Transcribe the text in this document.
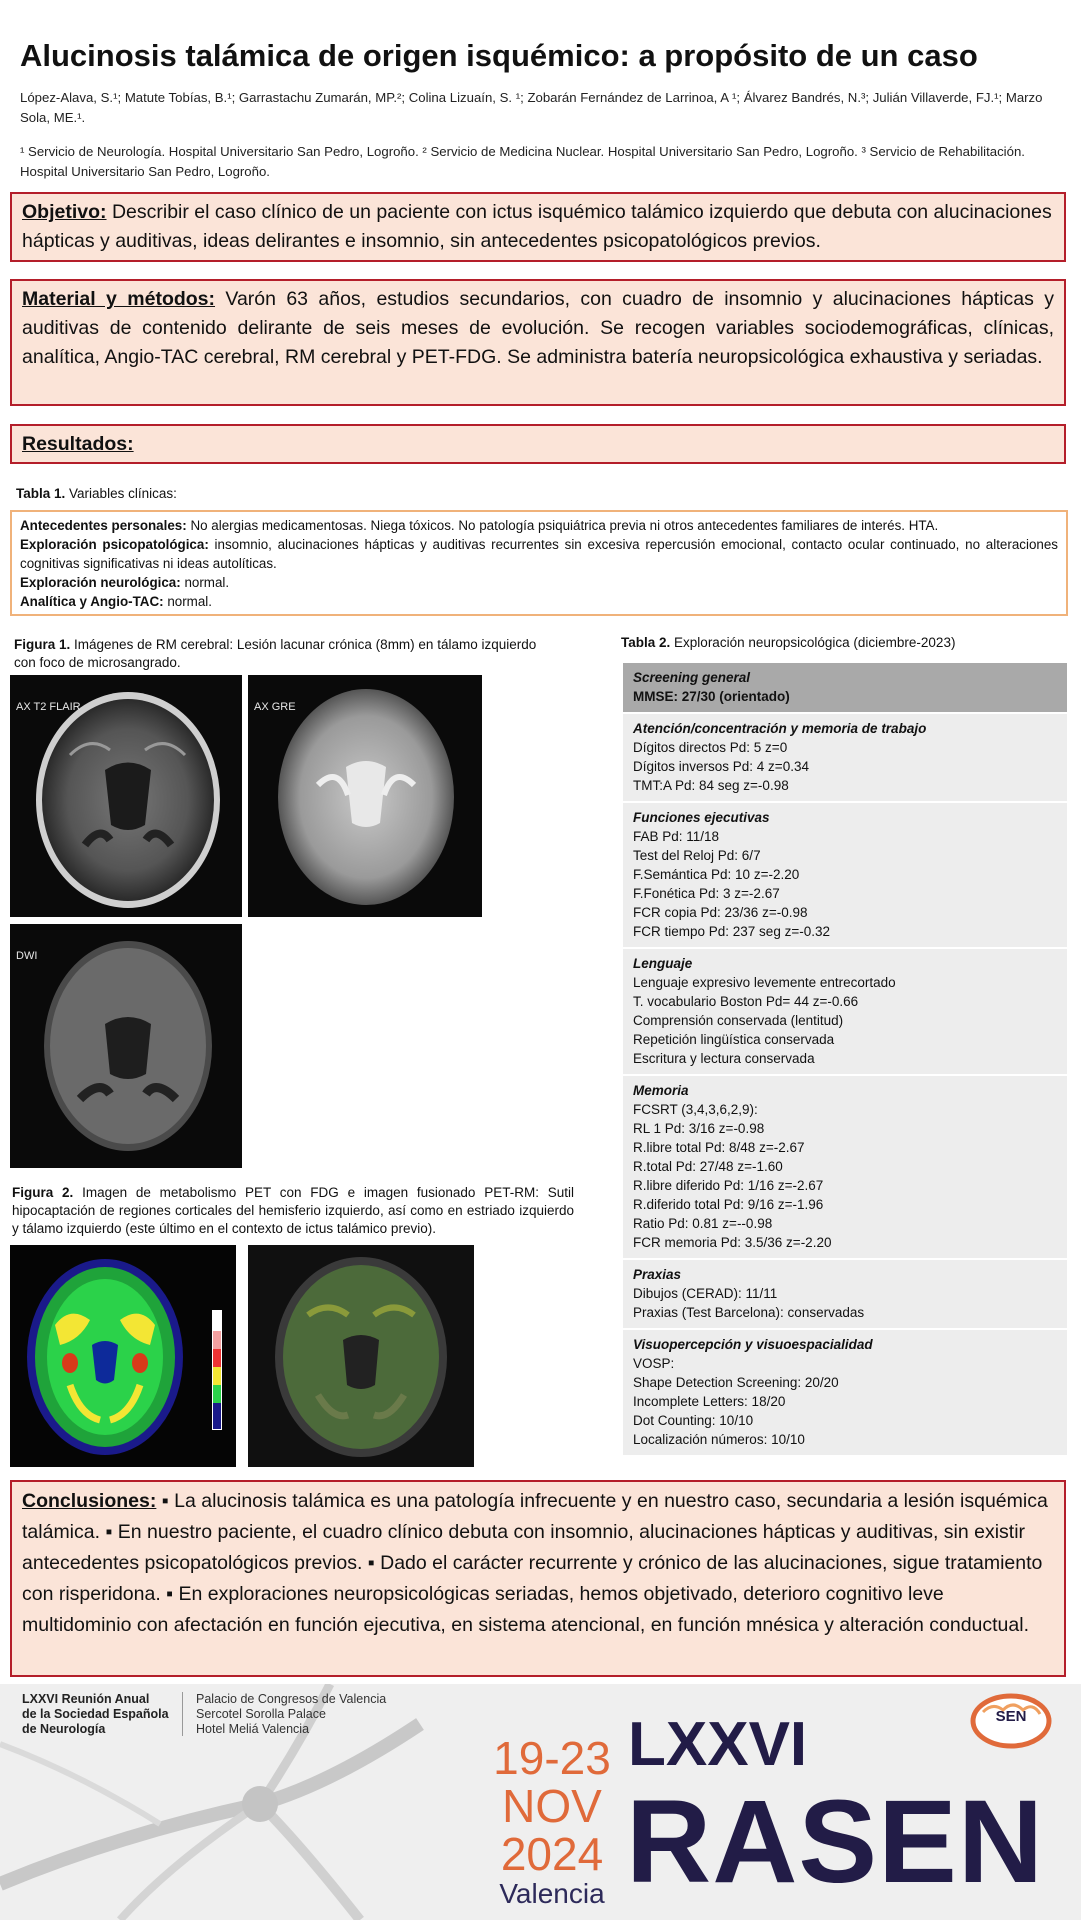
Alucinosis talámica de origen isquémico: a propósito de un caso
López-Alava, S.¹; Matute Tobías, B.¹; Garrastachu Zumarán, MP.²; Colina Lizuaín, S. ¹; Zobarán Fernández de Larrinoa, A ¹; Álvarez Bandrés, N.³; Julián Villaverde, FJ.¹; Marzo Sola, ME.¹.
¹ Servicio de Neurología. Hospital Universitario San Pedro, Logroño. ² Servicio de Medicina Nuclear. Hospital Universitario San Pedro, Logroño. ³ Servicio de Rehabilitación. Hospital Universitario San Pedro, Logroño.
Objetivo: Describir el caso clínico de un paciente con ictus isquémico talámico izquierdo que debuta con alucinaciones hápticas y auditivas, ideas delirantes e insomnio, sin antecedentes psicopatológicos previos.
Material y métodos: Varón 63 años, estudios secundarios, con cuadro de insomnio y alucinaciones hápticas y auditivas de contenido delirante de seis meses de evolución. Se recogen variables sociodemográficas, clínicas, analítica, Angio-TAC cerebral, RM cerebral y PET-FDG. Se administra batería neuropsicológica exhaustiva y seriadas.
Resultados:
Tabla 1. Variables clínicas:
Antecedentes personales: No alergias medicamentosas. Niega tóxicos. No patología psiquiátrica previa ni otros antecedentes familiares de interés. HTA.
Exploración psicopatológica: insomnio, alucinaciones hápticas y auditivas recurrentes sin excesiva repercusión emocional, contacto ocular continuado, no alteraciones cognitivas significativas ni ideas autolíticas.
Exploración neurológica: normal.
Analítica y Angio-TAC: normal.
Figura 1. Imágenes de RM cerebral: Lesión lacunar crónica (8mm) en tálamo izquierdo con foco de microsangrado.
AX T2 FLAIR	AX GRE
DWI
Figura 2. Imagen de metabolismo PET con FDG e imagen fusionado PET-RM: Sutil hipocaptación de regiones corticales del hemisferio izquierdo, así como en estriado izquierdo y tálamo izquierdo (este último en el contexto de ictus talámico previo).
Tabla 2. Exploración neuropsicológica (diciembre-2023)
Screening general
MMSE: 27/30 (orientado)
Atención/concentración y memoria de trabajo
Dígitos directos Pd: 5 z=0
Dígitos inversos Pd: 4 z=0.34
TMT:A Pd: 84 seg z=-0.98
Funciones ejecutivas
FAB Pd: 11/18
Test del Reloj Pd: 6/7
F.Semántica Pd: 10 z=-2.20
F.Fonética Pd: 3 z=-2.67
FCR copia Pd: 23/36 z=-0.98
FCR tiempo Pd: 237 seg z=-0.32
Lenguaje
Lenguaje expresivo levemente entrecortado
T. vocabulario Boston Pd= 44 z=-0.66
Comprensión conservada (lentitud)
Repetición lingüística conservada
Escritura y lectura conservada
Memoria
FCSRT (3,4,3,6,2,9):
RL 1 Pd: 3/16 z=-0.98
R.libre total Pd: 8/48 z=-2.67
R.total Pd: 27/48 z=-1.60
R.libre diferido Pd: 1/16 z=-2.67
R.diferido total Pd: 9/16 z=-1.96
Ratio Pd: 0.81 z=--0.98
FCR memoria Pd: 3.5/36 z=-2.20
Praxias
Dibujos (CERAD): 11/11
Praxias (Test Barcelona): conservadas
Visuopercepción y visuoespacialidad
VOSP:
Shape Detection Screening: 20/20
Incomplete Letters: 18/20
Dot Counting: 10/10
Localización números: 10/10
Conclusiones: ▪ La alucinosis talámica es una patología infrecuente y en nuestro caso, secundaria a lesión isquémica talámica. ▪ En nuestro paciente, el cuadro clínico debuta con insomnio, alucinaciones hápticas y auditivas, sin existir antecedentes psicopatológicos previos. ▪ Dado el carácter recurrente y crónico de las alucinaciones, sigue tratamiento con risperidona. ▪ En exploraciones neuropsicológicas seriadas, hemos objetivado, deterioro cognitivo leve multidominio con afectación en función ejecutiva, en sistema atencional, en función mnésica y alteración conductual.
LXXVI Reunión Anual
de la Sociedad Española
de Neurología
Palacio de Congresos de Valencia
Sercotel Sorolla Palace
Hotel Meliá Valencia
19-23
NOV
2024
Valencia
LXXVI
RASEN
SEN
